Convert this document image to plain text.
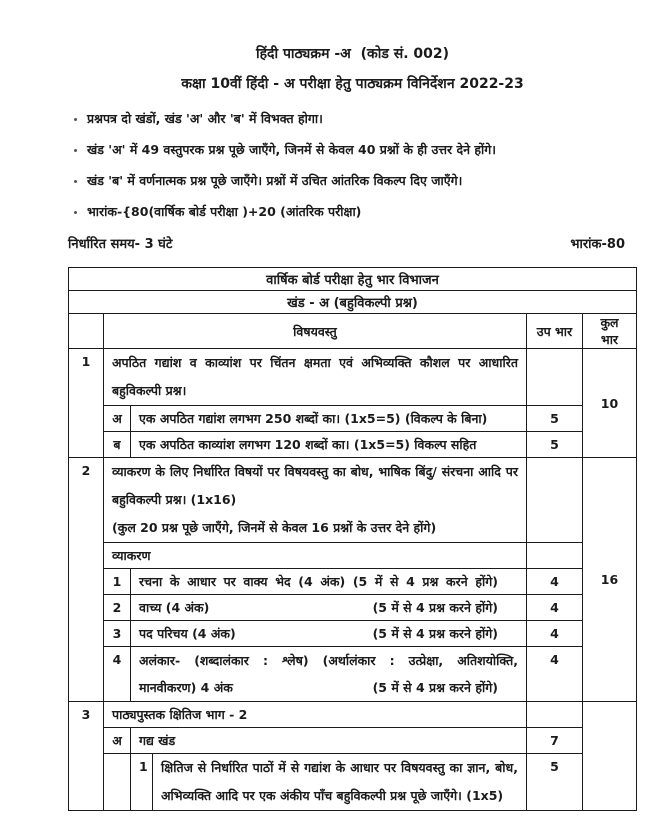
हिंदी पाठ्यक्रम -अ  (कोड सं. 002)
कक्षा 10वीं हिंदी - अ परीक्षा हेतु पाठ्यक्रम विनिर्देशन 2022-23
प्रश्नपत्र दो खंडों, खंड 'अ' और 'ब' में विभक्त होगा।
खंड 'अ' में 49 वस्तुपरक प्रश्न पूछे जाएँगे, जिनमें से केवल 40 प्रश्नों के ही उत्तर देने होंगे।
खंड 'ब' में वर्णनात्मक प्रश्न पूछे जाएँगे। प्रश्नों में उचित आंतरिक विकल्प दिए जाएँगे।
भारांक-{80(वार्षिक बोर्ड परीक्षा )+20 (आंतरिक परीक्षा)
निर्धारित समय- 3 घंटे	भारांक-80
वार्षिक बोर्ड परीक्षा हेतु भार विभाजन					
खंड - अ (बहुविकल्पी प्रश्न)					
	विषयवस्तु			उप भार	कुल भार
1	अपठित गद्यांश व काव्यांश पर चिंतन क्षमता एवं अभिव्यक्ति कौशल पर आधारित बहुविकल्पी प्रश्न।				10
	अ	एक अपठित गद्यांश लगभग 250 शब्दों का। (1x5=5) (विकल्प के बिना)		5	
	ब	एक अपठित काव्यांश लगभग 120 शब्दों का। (1x5=5) विकल्प सहित		5	
2	व्याकरण के लिए निर्धारित विषयों पर विषयवस्तु का बोध, भाषिक बिंदु/ संरचना आदि पर बहुविकल्पी प्रश्न। (1x16)
(कुल 20 प्रश्न पूछे जाएँगे, जिनमें से केवल 16 प्रश्नों के उत्तर देने होंगे)				16
	व्याकरण				
	1	रचना के आधार पर वाक्य भेद (4 अंक) (5 में से 4 प्रश्न करने होंगे)		4	
	2	वाच्य (4 अंक) (5 में से 4 प्रश्न करने होंगे)		4	
	3	पद परिचय (4 अंक) (5 में से 4 प्रश्न करने होंगे)		4	
	4	अलंकार- (शब्दालंकार : श्लेष) (अर्थालंकार : उत्प्रेक्षा, अतिशयोक्ति,
मानवीकरण) 4 अंक (5 में से 4 प्रश्न करने होंगे)		4	
3	पाठ्यपुस्तक क्षितिज भाग - 2				
	अ	गद्य खंड		7	
		1	क्षितिज से निर्धारित पाठों में से गद्यांश के आधार पर विषयवस्तु का ज्ञान, बोध, अभिव्यक्ति आदि पर एक अंकीय पाँच बहुविकल्पी प्रश्न पूछे जाएँगे। (1x5)	5	
